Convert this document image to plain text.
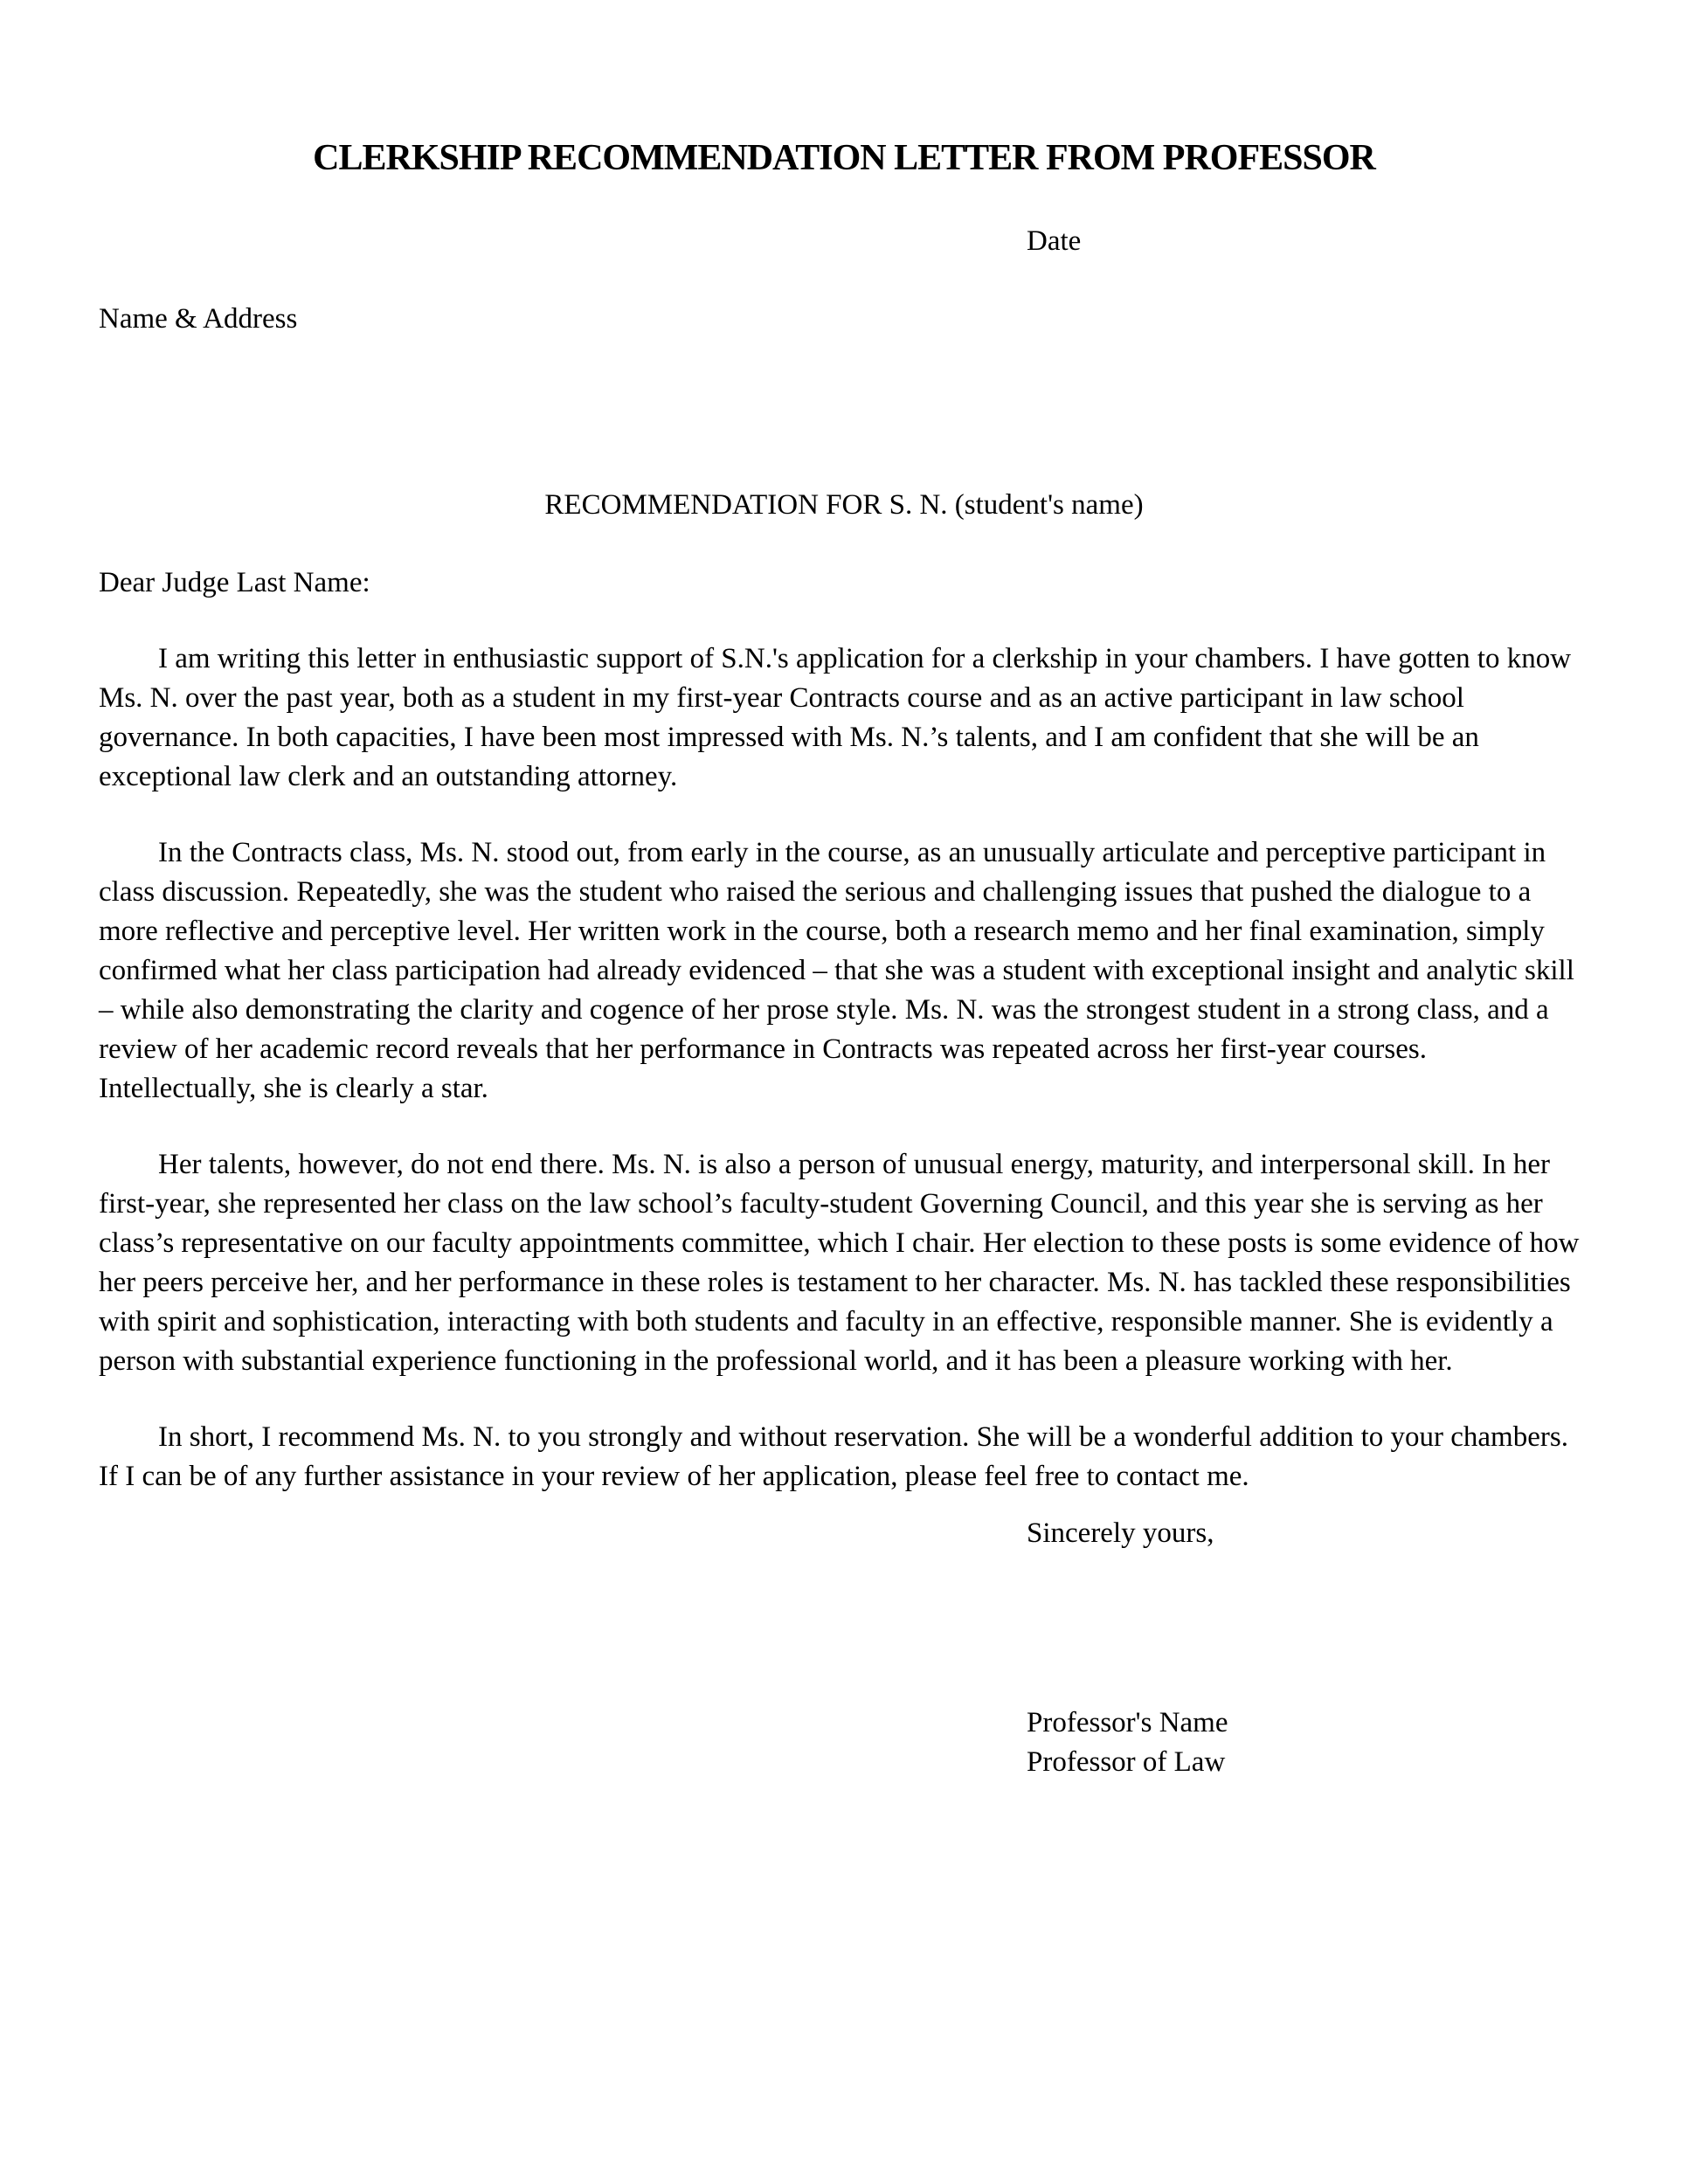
CLERKSHIP RECOMMENDATION LETTER FROM PROFESSOR
Date
Name & Address
RECOMMENDATION FOR S. N. (student's name)
Dear Judge Last Name:

I am writing this letter in enthusiastic support of S.N.'s application for a clerkship in your chambers. I have gotten to know Ms. N. over the past year, both as a student in my first-year Contracts course and as an active participant in law school governance. In both capacities, I have been most impressed with Ms. N.’s talents, and I am confident that she will be an exceptional law clerk and an outstanding attorney.

In the Contracts class, Ms. N. stood out, from early in the course, as an unusually articulate and perceptive participant in class discussion. Repeatedly, she was the student who raised the serious and challenging issues that pushed the dialogue to a more reflective and perceptive level. Her written work in the course, both a research memo and her final examination, simply confirmed what her class participation had already evidenced – that she was a student with exceptional insight and analytic skill – while also demonstrating the clarity and cogence of her prose style. Ms. N. was the strongest student in a strong class, and a review of her academic record reveals that her performance in Contracts was repeated across her first-year courses. Intellectually, she is clearly a star.

Her talents, however, do not end there. Ms. N. is also a person of unusual energy, maturity, and interpersonal skill. In her first-year, she represented her class on the law school’s faculty-student Governing Council, and this year she is serving as her class’s representative on our faculty appointments committee, which I chair. Her election to these posts is some evidence of how her peers perceive her, and her performance in these roles is testament to her character. Ms. N. has tackled these responsibilities with spirit and sophistication, interacting with both students and faculty in an effective, responsible manner. She is evidently a person with substantial experience functioning in the professional world, and it has been a pleasure working with her.

In short, I recommend Ms. N. to you strongly and without reservation. She will be a wonderful addition to your chambers. If I can be of any further assistance in your review of her application, please feel free to contact me.

Sincerely yours,
Professor's Name
Professor of Law
